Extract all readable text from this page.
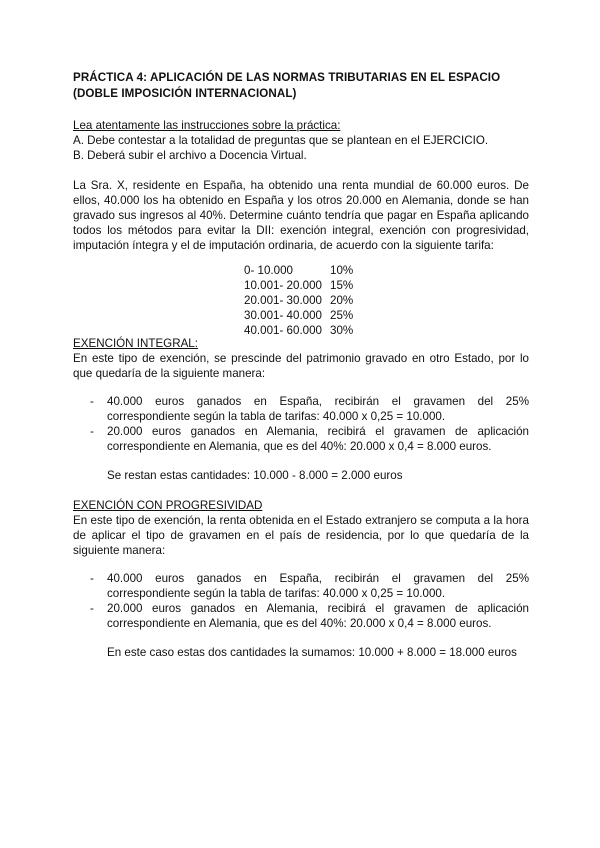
PRÁCTICA 4: APLICACIÓN DE LAS NORMAS TRIBUTARIAS EN EL ESPACIO (DOBLE IMPOSICIÓN INTERNACIONAL)
Lea atentamente las instrucciones sobre la práctica:
A. Debe contestar a la totalidad de preguntas que se plantean en el EJERCICIO.
B. Deberá subir el archivo a Docencia Virtual.
La Sra. X, residente en España, ha obtenido una renta mundial de 60.000 euros. De ellos, 40.000 los ha obtenido en España y los otros 20.000 en Alemania, donde se han gravado sus ingresos al 40%. Determine cuánto tendría que pagar en España aplicando todos los métodos para evitar la DII: exención integral, exención con progresividad, imputación íntegra y el de imputación ordinaria, de acuerdo con la siguiente tarifa:
0- 10.000	10%
10.001- 20.000 15%
20.001- 30.000 20%
30.001- 40.000 25%
40.001- 60.000 30%
EXENCIÓN INTEGRAL:
En este tipo de exención, se prescinde del patrimonio gravado en otro Estado, por lo que quedaría de la siguiente manera:
- 40.000 euros ganados en España, recibirán el gravamen del 25% correspondiente según la tabla de tarifas: 40.000 x 0,25 = 10.000.
- 20.000 euros ganados en Alemania, recibirá el gravamen de aplicación correspondiente en Alemania, que es del 40%: 20.000 x 0,4 = 8.000 euros.
Se restan estas cantidades: 10.000 - 8.000 = 2.000 euros
EXENCIÓN CON PROGRESIVIDAD
En este tipo de exención, la renta obtenida en el Estado extranjero se computa a la hora de aplicar el tipo de gravamen en el país de residencia, por lo que quedaría de la siguiente manera:
- 40.000 euros ganados en España, recibirán el gravamen del 25% correspondiente según la tabla de tarifas: 40.000 x 0,25 = 10.000.
- 20.000 euros ganados en Alemania, recibirá el gravamen de aplicación correspondiente en Alemania, que es del 40%: 20.000 x 0,4 = 8.000 euros.
En este caso estas dos cantidades la sumamos: 10.000 + 8.000 = 18.000 euros
